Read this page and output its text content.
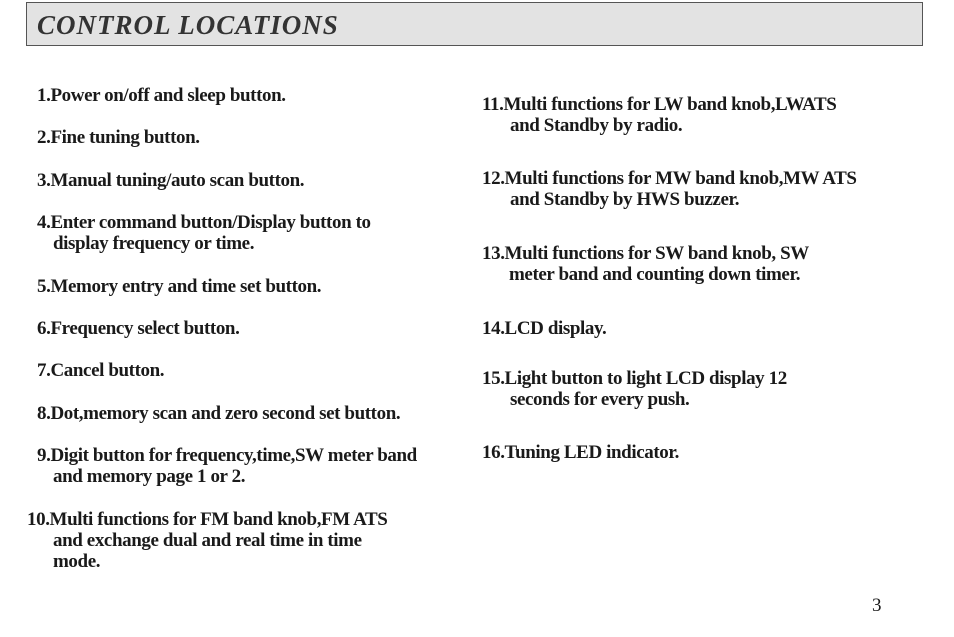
CONTROL LOCATIONS
1.Power on/off and sleep button.
2.Fine tuning button.
3.Manual tuning/auto scan button.
4.Enter command button/Display button to
display frequency or time.
5.Memory entry and time set button.
6.Frequency select button.
7.Cancel button.
8.Dot,memory scan and zero second set button.
9.Digit button for frequency,time,SW meter band
and memory page 1 or 2.
10.Multi functions for FM band knob,FM ATS
and exchange dual and real time in time
mode.
11.Multi functions for LW band knob,LWATS
and Standby by radio.
12.Multi functions for MW band knob,MW ATS
and Standby by HWS buzzer.
13.Multi functions for SW band knob, SW
meter band and counting down timer.
14.LCD display.
15.Light button to light LCD display 12
seconds for every push.
16.Tuning LED indicator.
3
